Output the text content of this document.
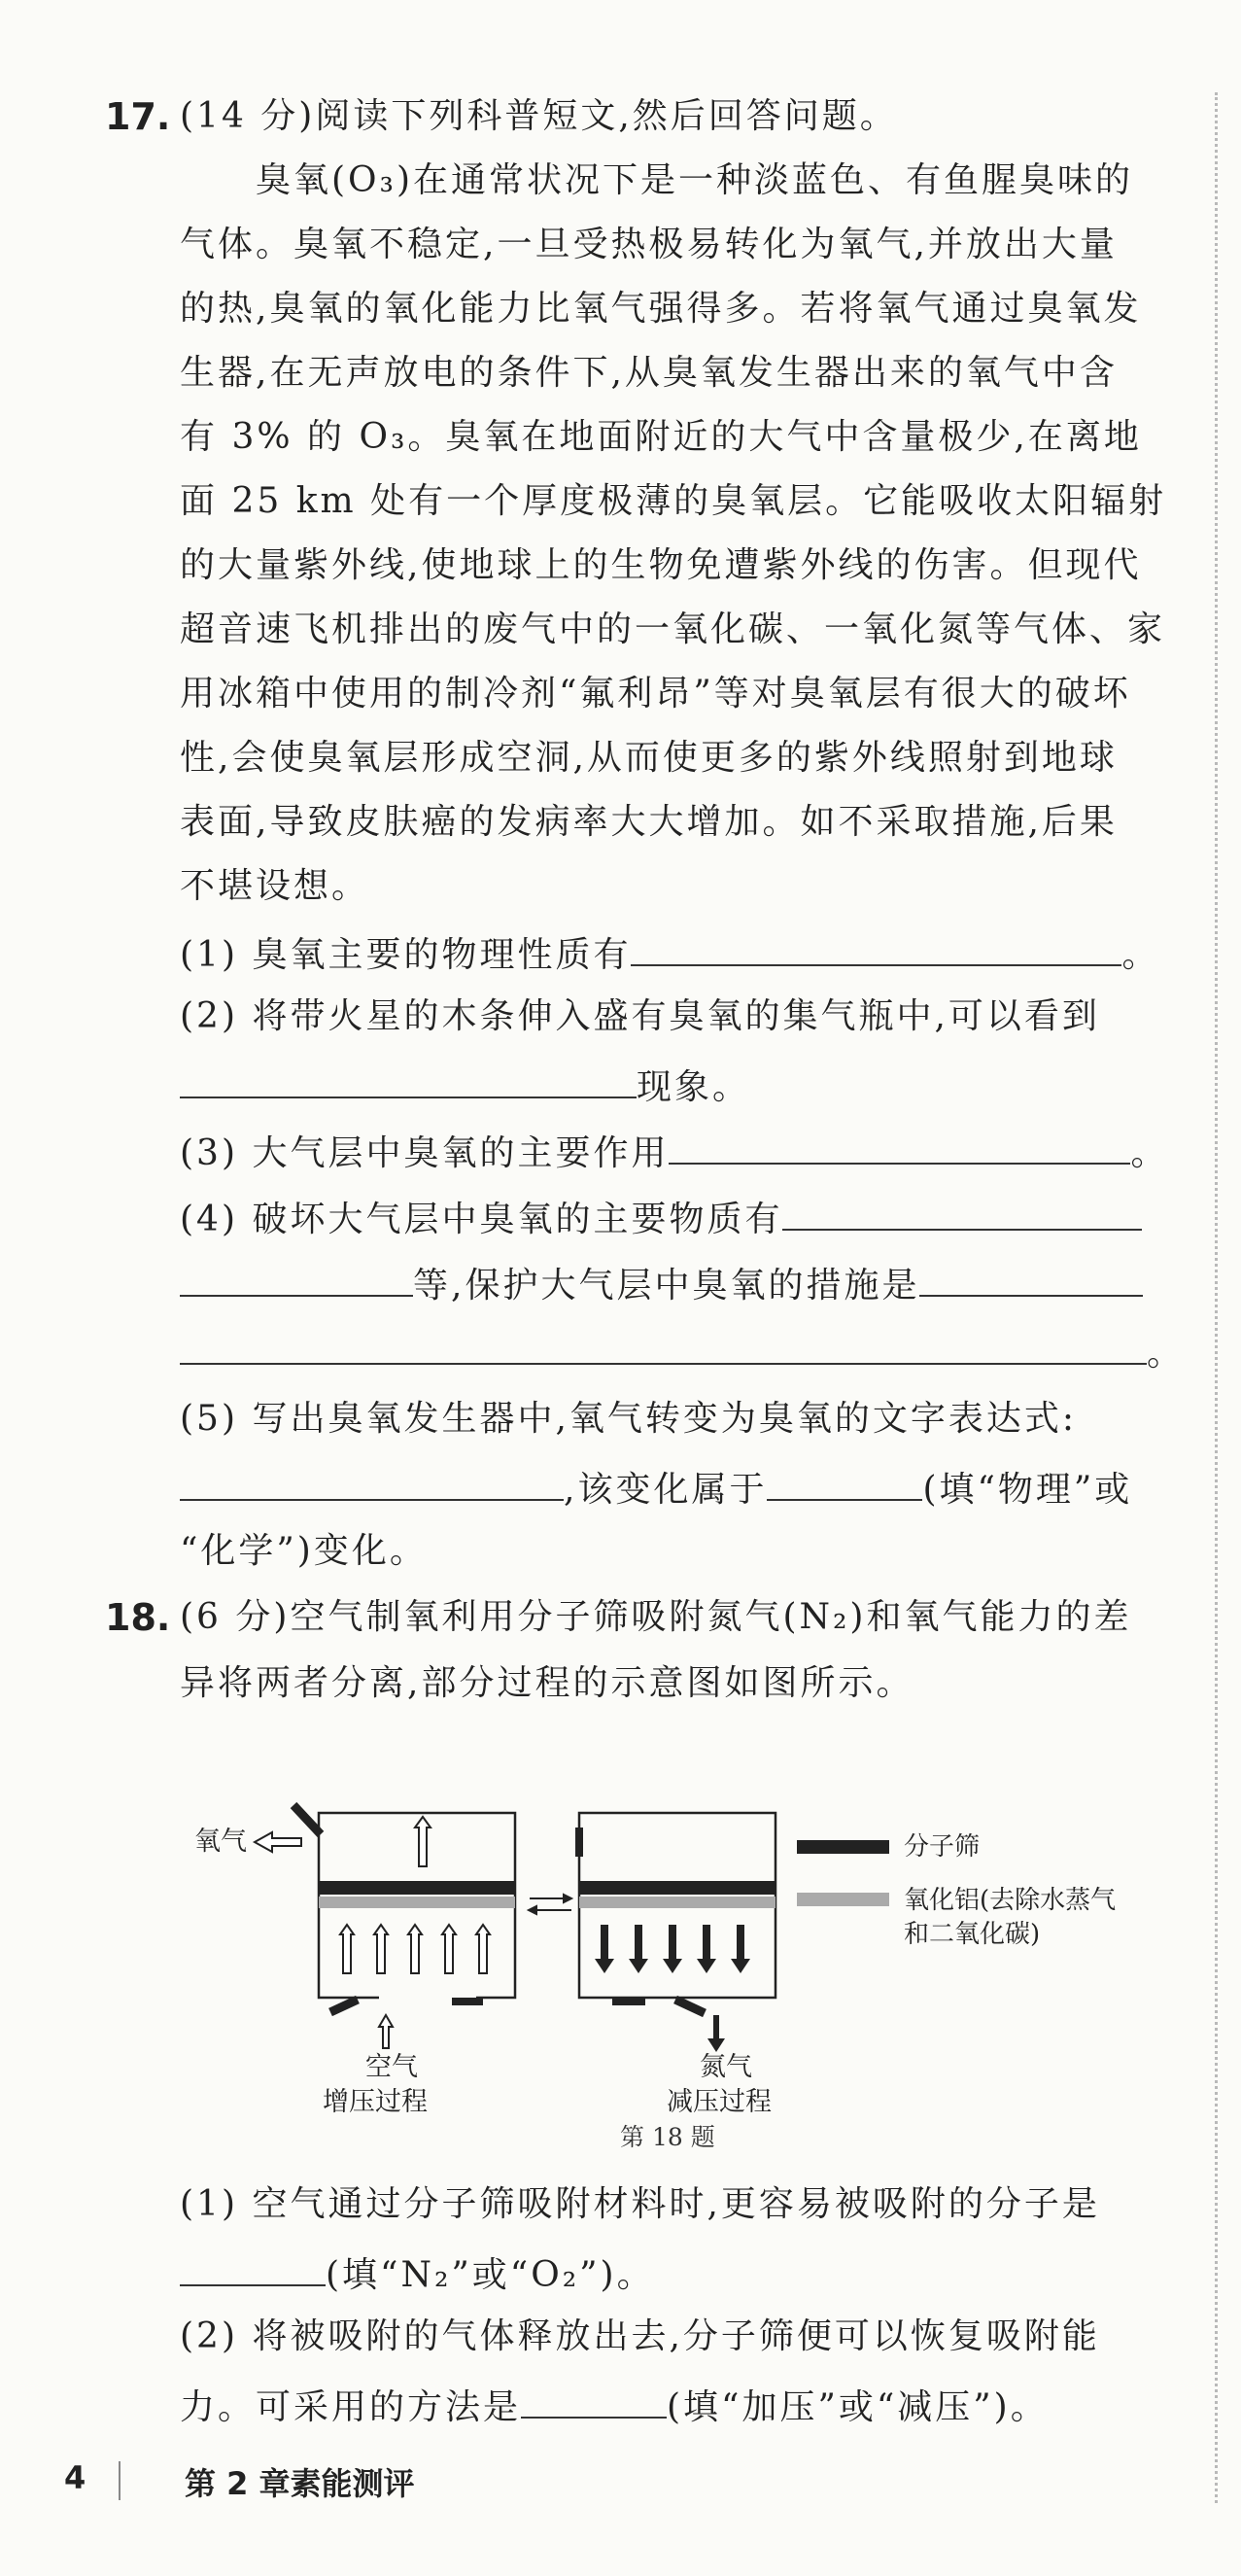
17. (14 分)阅读下列科普短文,然后回答问题。
　　臭氧(O₃)在通常状况下是一种淡蓝色、有鱼腥臭味的
气体。臭氧不稳定,一旦受热极易转化为氧气,并放出大量
的热,臭氧的氧化能力比氧气强得多。若将氧气通过臭氧发
生器,在无声放电的条件下,从臭氧发生器出来的氧气中含
有 3% 的 O₃。臭氧在地面附近的大气中含量极少,在离地
面 25 km 处有一个厚度极薄的臭氧层。它能吸收太阳辐射
的大量紫外线,使地球上的生物免遭紫外线的伤害。但现代
超音速飞机排出的废气中的一氧化碳、一氧化氮等气体、家
用冰箱中使用的制冷剂“氟利昂”等对臭氧层有很大的破坏
性,会使臭氧层形成空洞,从而使更多的紫外线照射到地球
表面,导致皮肤癌的发病率大大增加。如不采取措施,后果
不堪设想。
(1) 臭氧主要的物理性质有	。
(2) 将带火星的木条伸入盛有臭氧的集气瓶中,可以看到
现象。
(3) 大气层中臭氧的主要作用	。
(4) 破坏大气层中臭氧的主要物质有
等,保护大气层中臭氧的措施是
。
(5) 写出臭氧发生器中,氧气转变为臭氧的文字表达式:
,该变化属于	(填“物理”或
“化学”)变化。
18. (6 分)空气制氧利用分子筛吸附氮气(N₂)和氧气能力的差
异将两者分离,部分过程的示意图如图所示。
氧气	分子筛
氧化铝(去除水蒸气
和二氧化碳)
空气
增压过程
氮气
减压过程
第 18 题
(1) 空气通过分子筛吸附材料时,更容易被吸附的分子是
(填“N₂”或“O₂”)。
(2) 将被吸附的气体释放出去,分子筛便可以恢复吸附能
力。可采用的方法是	(填“加压”或“减压”)。
4	第 2 章素能测评
